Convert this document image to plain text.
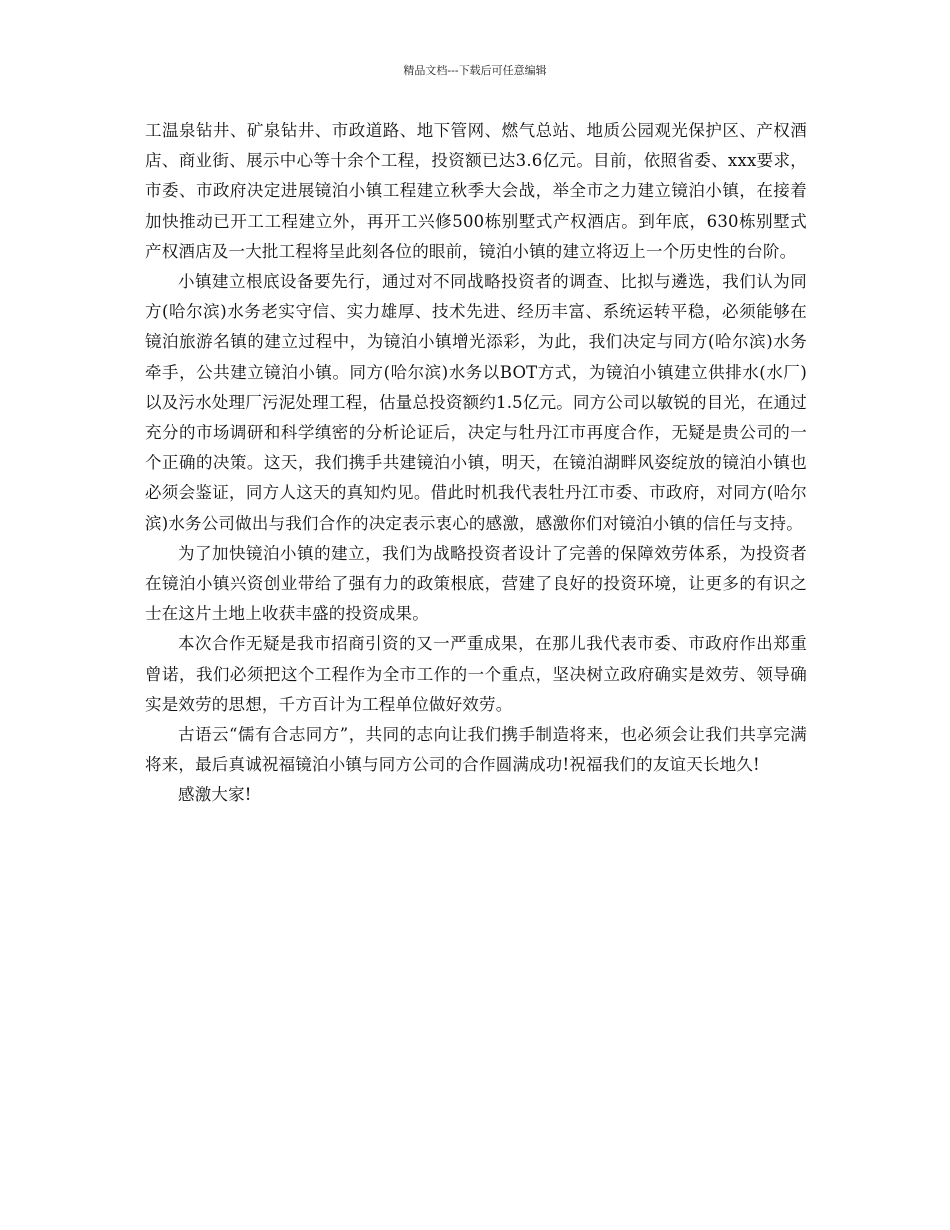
精品文档---下载后可任意编辑

工温泉钻井、矿泉钻井、市政道路、地下管网、燃气总站、地质公园观光保护区、产权酒店、商业街、展示中心等十余个工程，投资额已达3.6亿元。目前，依照省委、xxx要求，市委、市政府决定进展镜泊小镇工程建立秋季大会战，举全市之力建立镜泊小镇，在接着加快推动已开工工程建立外，再开工兴修500栋别墅式产权酒店。到年底，630栋别墅式产权酒店及一大批工程将呈此刻各位的眼前，镜泊小镇的建立将迈上一个历史性的台阶。

小镇建立根底设备要先行，通过对不同战略投资者的调查、比拟与遴选，我们认为同方(哈尔滨)水务老实守信、实力雄厚、技术先进、经历丰富、系统运转平稳，必须能够在镜泊旅游名镇的建立过程中，为镜泊小镇增光添彩，为此，我们决定与同方(哈尔滨)水务牵手，公共建立镜泊小镇。同方(哈尔滨)水务以BOT方式，为镜泊小镇建立供排水(水厂)以及污水处理厂污泥处理工程，估量总投资额约1.5亿元。同方公司以敏锐的目光，在通过充分的市场调研和科学缜密的分析论证后，决定与牡丹江市再度合作，无疑是贵公司的一个正确的决策。这天，我们携手共建镜泊小镇，明天，在镜泊湖畔风姿绽放的镜泊小镇也必须会鉴证，同方人这天的真知灼见。借此时机我代表牡丹江市委、市政府，对同方(哈尔滨)水务公司做出与我们合作的决定表示衷心的感激，感激你们对镜泊小镇的信任与支持。

为了加快镜泊小镇的建立，我们为战略投资者设计了完善的保障效劳体系，为投资者在镜泊小镇兴资创业带给了强有力的政策根底，营建了良好的投资环境，让更多的有识之士在这片土地上收获丰盛的投资成果。

本次合作无疑是我市招商引资的又一严重成果，在那儿我代表市委、市政府作出郑重曾诺，我们必须把这个工程作为全市工作的一个重点，坚决树立政府确实是效劳、领导确实是效劳的思想，千方百计为工程单位做好效劳。

古语云“儒有合志同方”，共同的志向让我们携手制造将来，也必须会让我们共享完满将来，最后真诚祝福镜泊小镇与同方公司的合作圆满成功!祝福我们的友谊天长地久!

感激大家!
